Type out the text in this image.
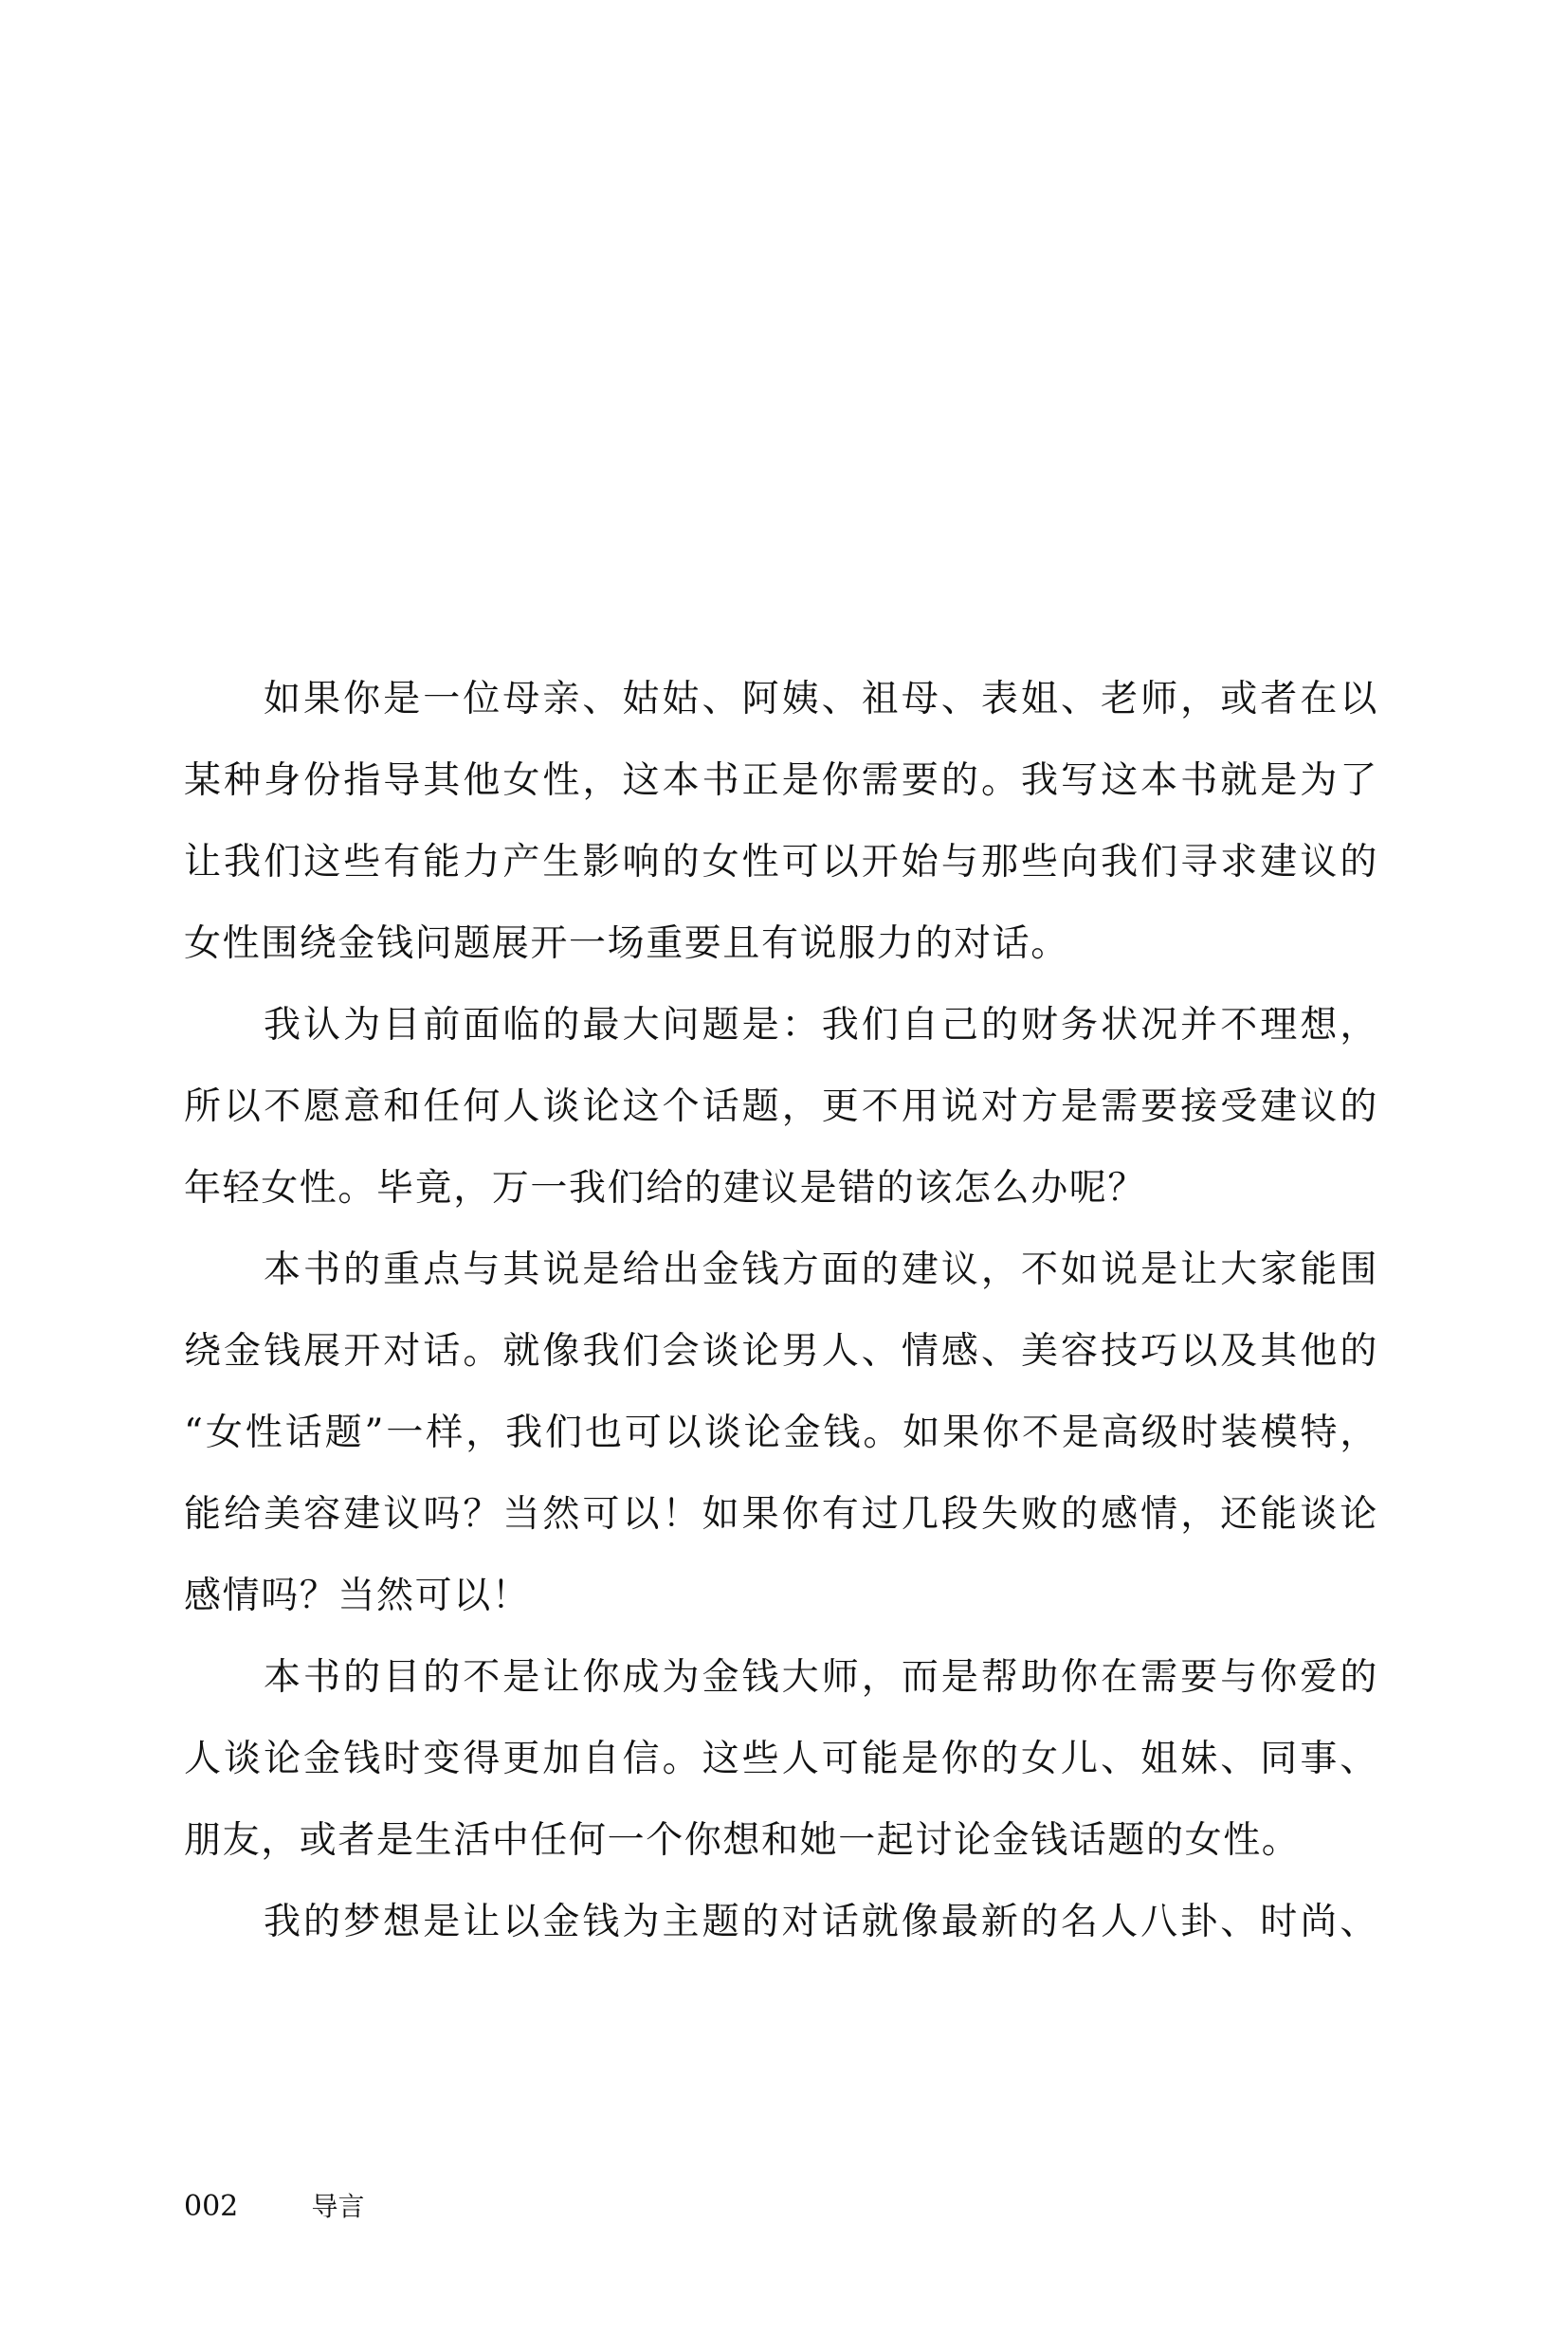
如果你是一位母亲、姑姑、阿姨、祖母、表姐、老师，或者在以
某种身份指导其他女性，这本书正是你需要的。我写这本书就是为了
让我们这些有能力产生影响的女性可以开始与那些向我们寻求建议的
女性围绕金钱问题展开一场重要且有说服力的对话。
我认为目前面临的最大问题是：我们自己的财务状况并不理想，
所以不愿意和任何人谈论这个话题，更不用说对方是需要接受建议的
年轻女性。毕竟，万一我们给的建议是错的该怎么办呢？
本书的重点与其说是给出金钱方面的建议，不如说是让大家能围
绕金钱展开对话。就像我们会谈论男人、情感、美容技巧以及其他的
“女性话题”一样，我们也可以谈论金钱。如果你不是高级时装模特，
能给美容建议吗？当然可以！如果你有过几段失败的感情，还能谈论
感情吗？当然可以！
本书的目的不是让你成为金钱大师，而是帮助你在需要与你爱的
人谈论金钱时变得更加自信。这些人可能是你的女儿、姐妹、同事、
朋友，或者是生活中任何一个你想和她一起讨论金钱话题的女性。
我的梦想是让以金钱为主题的对话就像最新的名人八卦、时尚、
002	导言
